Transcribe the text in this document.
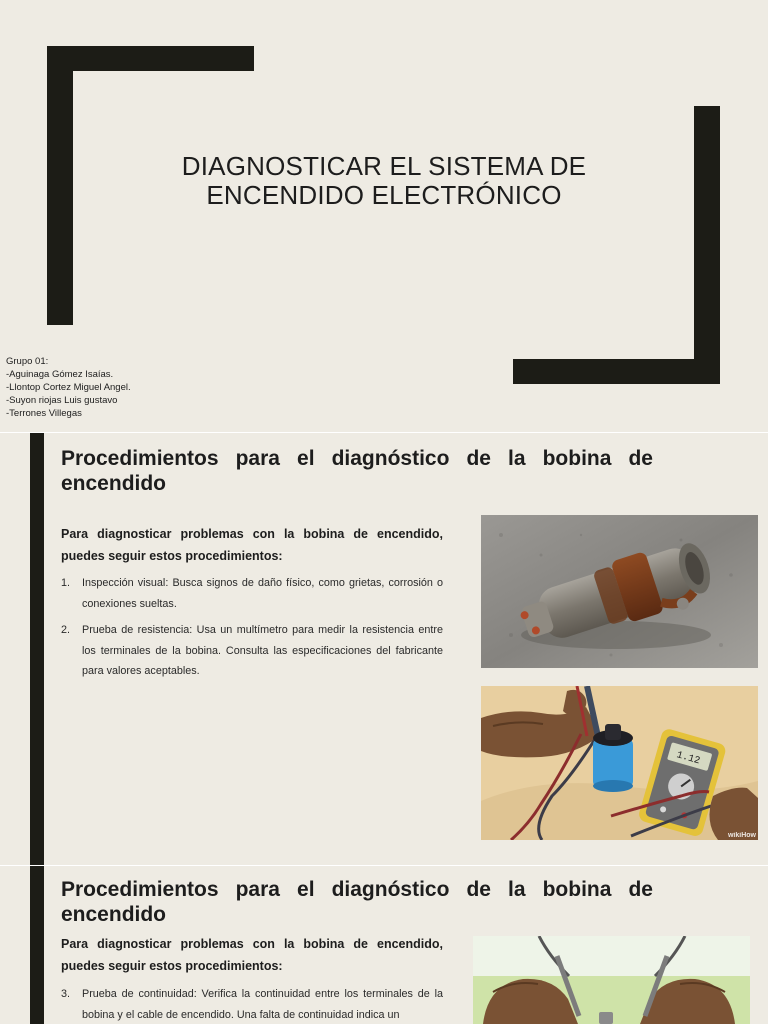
DIAGNOSTICAR EL SISTEMA DE
ENCENDIDO ELECTRÓNICO
Grupo 01:
-Aguinaga Gómez Isaías.
-Llontop Cortez Miguel Angel.
-Suyon riojas Luis gustavo
-Terrones Villegas
Procedimientos para el diagnóstico de la bobina de encendido
Para diagnosticar problemas con la bobina de encendido, puedes seguir estos procedimientos:
1. Inspección visual: Busca signos de daño físico, como grietas, corrosión o conexiones sueltas.
2. Prueba de resistencia: Usa un multímetro para medir la resistencia entre los terminales de la bobina. Consulta las especificaciones del fabricante para valores aceptables.
1.12
wikiHow
Procedimientos para el diagnóstico de la bobina de encendido
Para diagnosticar problemas con la bobina de encendido, puedes seguir estos procedimientos:
3. Prueba de continuidad: Verifica la continuidad entre los terminales de la bobina y el cable de encendido. Una falta de continuidad indica un
